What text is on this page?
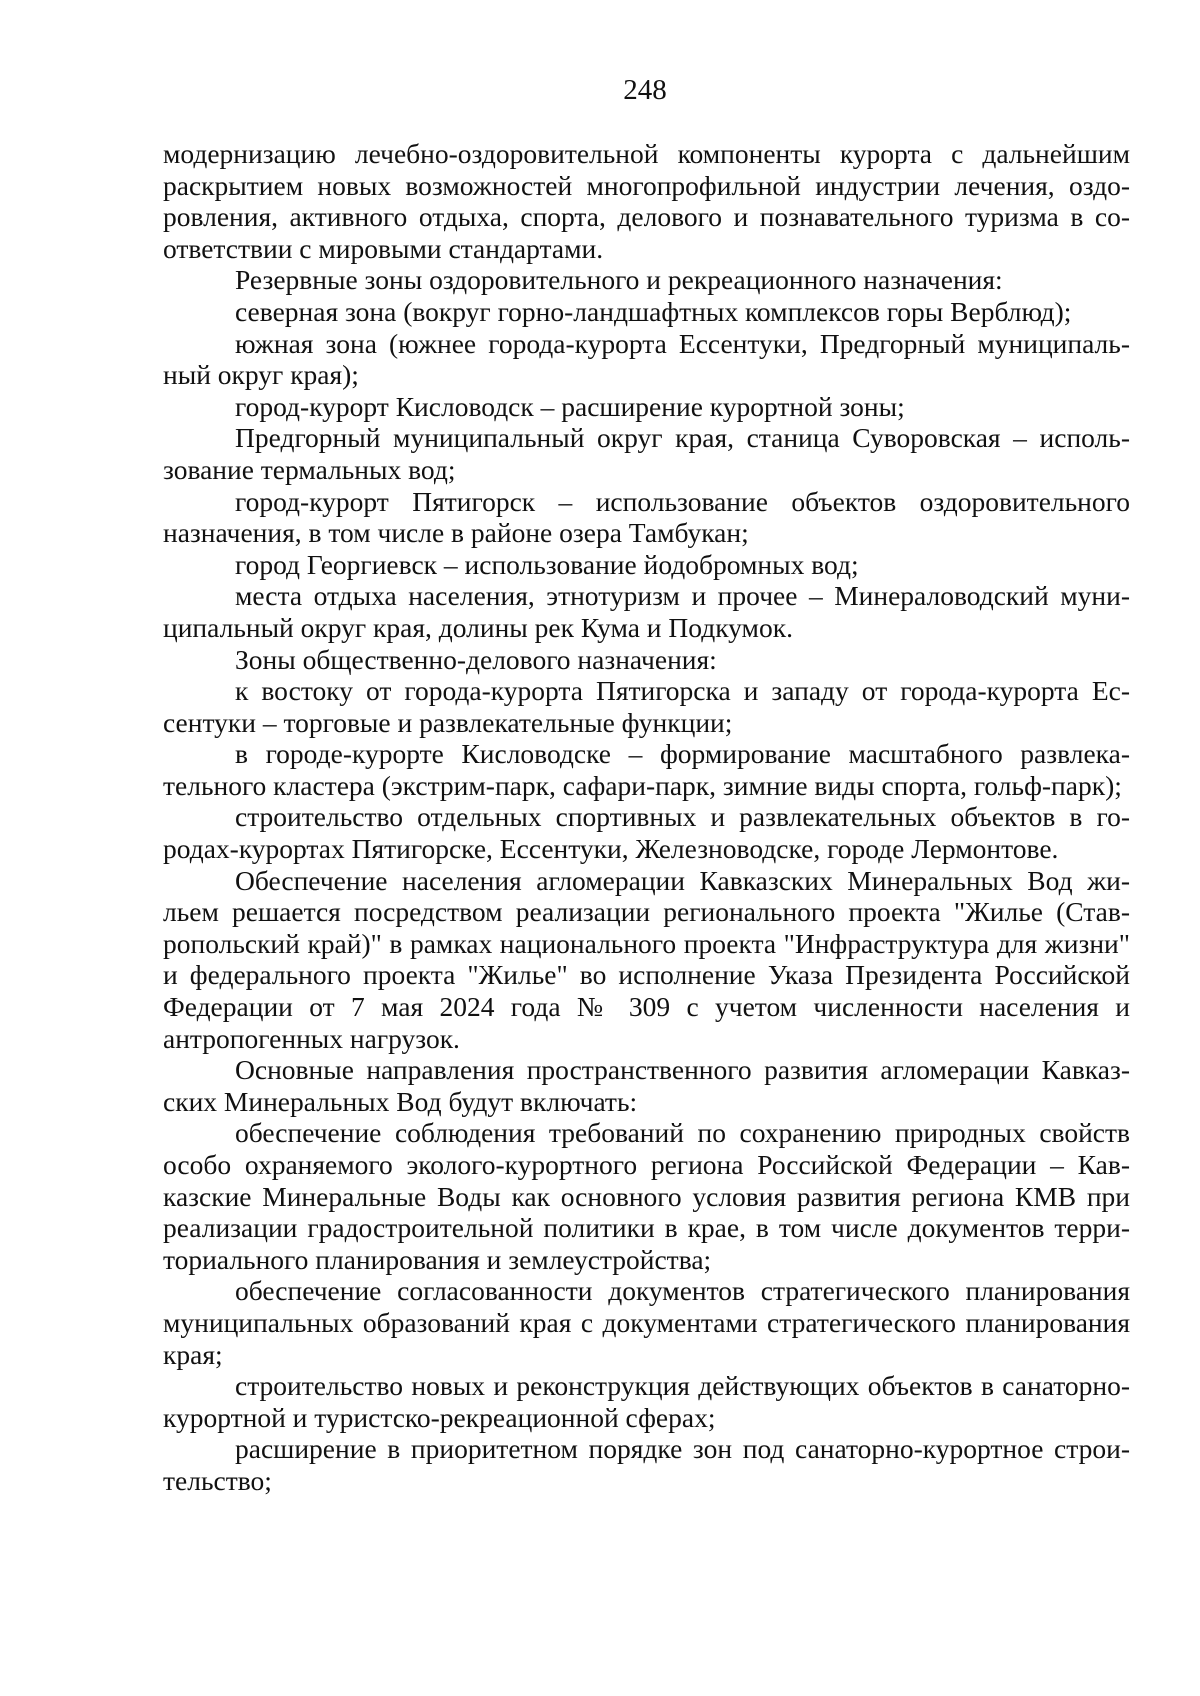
248

модернизацию лечебно-оздоровительной компоненты курорта с дальнейшим раскрытием новых возможностей многопрофильной индустрии лечения, оздоровления, активного отдыха, спорта, делового и познавательного туризма в соответствии с мировыми стандартами.

Резервные зоны оздоровительного и рекреационного назначения:

северная зона (вокруг горно-ландшафтных комплексов горы Верблюд);

южная зона (южнее города-курорта Ессентуки, Предгорный муниципальный округ края);

город-курорт Кисловодск – расширение курортной зоны;

Предгорный муниципальный округ края, станица Суворовская – использование термальных вод;

город-курорт Пятигорск – использование объектов оздоровительного назначения, в том числе в районе озера Тамбукан;

город Георгиевск – использование йодобромных вод;

места отдыха населения, этнотуризм и прочее – Минераловодский муниципальный округ края, долины рек Кума и Подкумок.

Зоны общественно-делового назначения:

к востоку от города-курорта Пятигорска и западу от города-курорта Ессентуки – торговые и развлекательные функции;

в городе-курорте Кисловодске – формирование масштабного развлекательного кластера (экстрим-парк, сафари-парк, зимние виды спорта, гольф-парк);

строительство отдельных спортивных и развлекательных объектов в городах-курортах Пятигорске, Ессентуки, Железноводске, городе Лермонтове.

Обеспечение населения агломерации Кавказских Минеральных Вод жильем решается посредством реализации регионального проекта "Жилье (Ставропольский край)" в рамках национального проекта "Инфраструктура для жизни" и федерального проекта "Жилье" во исполнение Указа Президента Российской Федерации от 7 мая 2024 года № 309 с учетом численности населения и антропогенных нагрузок.

Основные направления пространственного развития агломерации Кавказских Минеральных Вод будут включать:

обеспечение соблюдения требований по сохранению природных свойств особо охраняемого эколого-курортного региона Российской Федерации – Кавказские Минеральные Воды как основного условия развития региона КМВ при реализации градостроительной политики в крае, в том числе документов территориального планирования и землеустройства;

обеспечение согласованности документов стратегического планирования муниципальных образований края с документами стратегического планирования края;

строительство новых и реконструкция действующих объектов в санаторно-курортной и туристско-рекреационной сферах;

расширение в приоритетном порядке зон под санаторно-курортное строительство;
